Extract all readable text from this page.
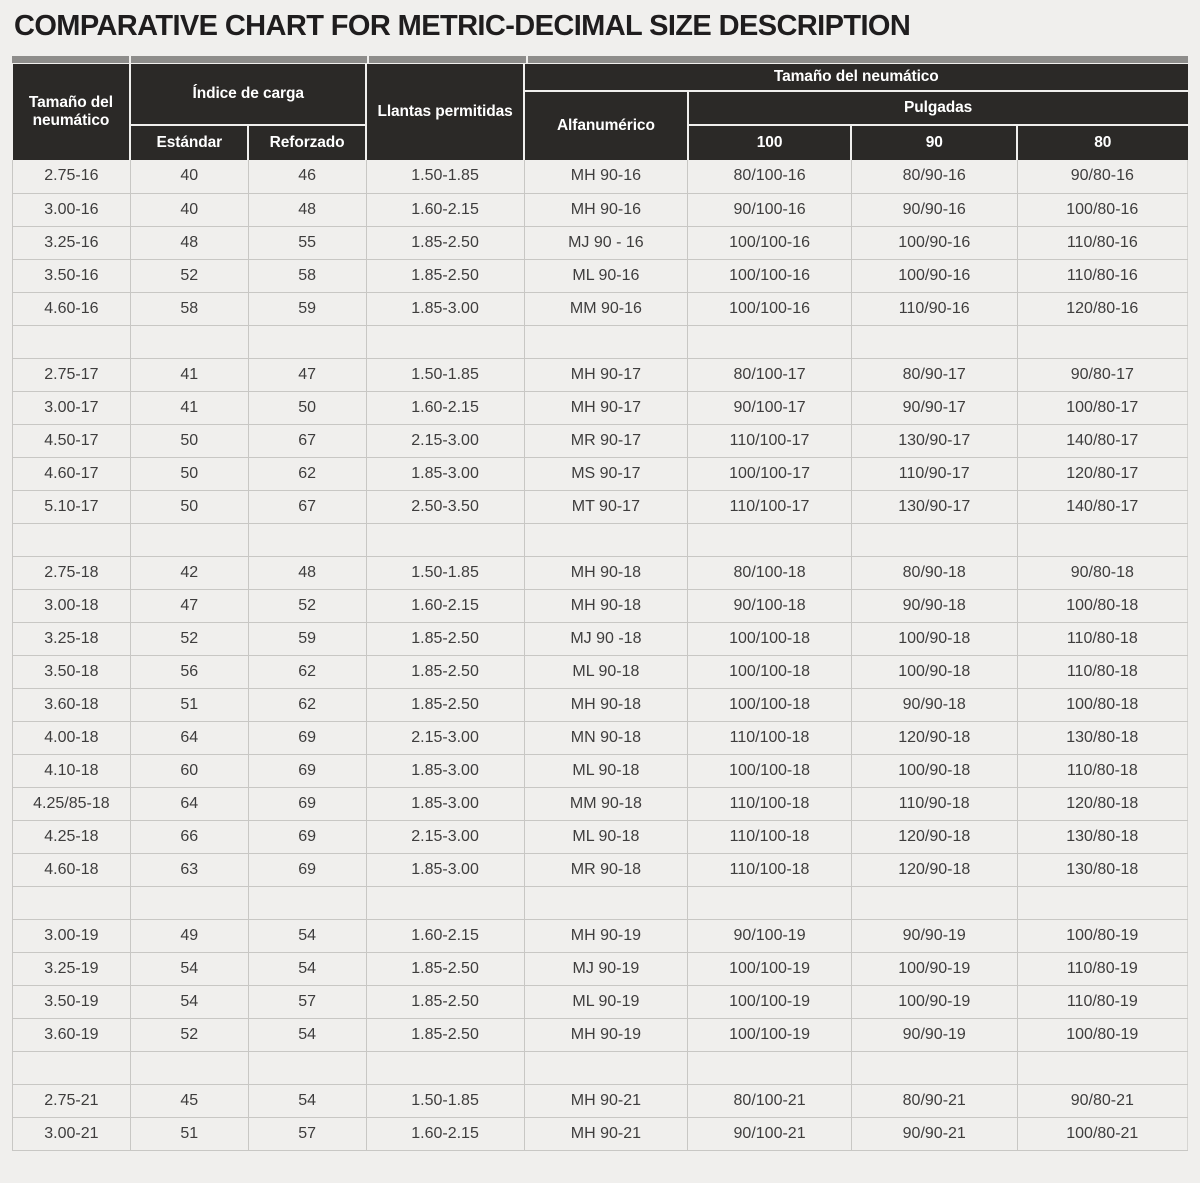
COMPARATIVE CHART FOR METRIC-DECIMAL SIZE DESCRIPTION
Tamaño del neumático	Índice de carga		Llantas permitidas	Tamaño del neumático			
				Alfanumérico	Pulgadas		
	Estándar	Reforzado			100	90	80
2.75-16	40	46	1.50-1.85	MH 90-16	80/100-16	80/90-16	90/80-16
3.00-16	40	48	1.60-2.15	MH 90-16	90/100-16	90/90-16	100/80-16
3.25-16	48	55	1.85-2.50	MJ 90 - 16	100/100-16	100/90-16	110/80-16
3.50-16	52	58	1.85-2.50	ML 90-16	100/100-16	100/90-16	110/80-16
4.60-16	58	59	1.85-3.00	MM 90-16	100/100-16	110/90-16	120/80-16

2.75-17	41	47	1.50-1.85	MH 90-17	80/100-17	80/90-17	90/80-17
3.00-17	41	50	1.60-2.15	MH 90-17	90/100-17	90/90-17	100/80-17
4.50-17	50	67	2.15-3.00	MR 90-17	110/100-17	130/90-17	140/80-17
4.60-17	50	62	1.85-3.00	MS 90-17	100/100-17	110/90-17	120/80-17
5.10-17	50	67	2.50-3.50	MT 90-17	110/100-17	130/90-17	140/80-17

2.75-18	42	48	1.50-1.85	MH 90-18	80/100-18	80/90-18	90/80-18
3.00-18	47	52	1.60-2.15	MH 90-18	90/100-18	90/90-18	100/80-18
3.25-18	52	59	1.85-2.50	MJ 90 -18	100/100-18	100/90-18	110/80-18
3.50-18	56	62	1.85-2.50	ML 90-18	100/100-18	100/90-18	110/80-18
3.60-18	51	62	1.85-2.50	MH 90-18	100/100-18	90/90-18	100/80-18
4.00-18	64	69	2.15-3.00	MN 90-18	110/100-18	120/90-18	130/80-18
4.10-18	60	69	1.85-3.00	ML 90-18	100/100-18	100/90-18	110/80-18
4.25/85-18	64	69	1.85-3.00	MM 90-18	110/100-18	110/90-18	120/80-18
4.25-18	66	69	2.15-3.00	ML 90-18	110/100-18	120/90-18	130/80-18
4.60-18	63	69	1.85-3.00	MR 90-18	110/100-18	120/90-18	130/80-18

3.00-19	49	54	1.60-2.15	MH 90-19	90/100-19	90/90-19	100/80-19
3.25-19	54	54	1.85-2.50	MJ 90-19	100/100-19	100/90-19	110/80-19
3.50-19	54	57	1.85-2.50	ML 90-19	100/100-19	100/90-19	110/80-19
3.60-19	52	54	1.85-2.50	MH 90-19	100/100-19	90/90-19	100/80-19

2.75-21	45	54	1.50-1.85	MH 90-21	80/100-21	80/90-21	90/80-21
3.00-21	51	57	1.60-2.15	MH 90-21	90/100-21	90/90-21	100/80-21
